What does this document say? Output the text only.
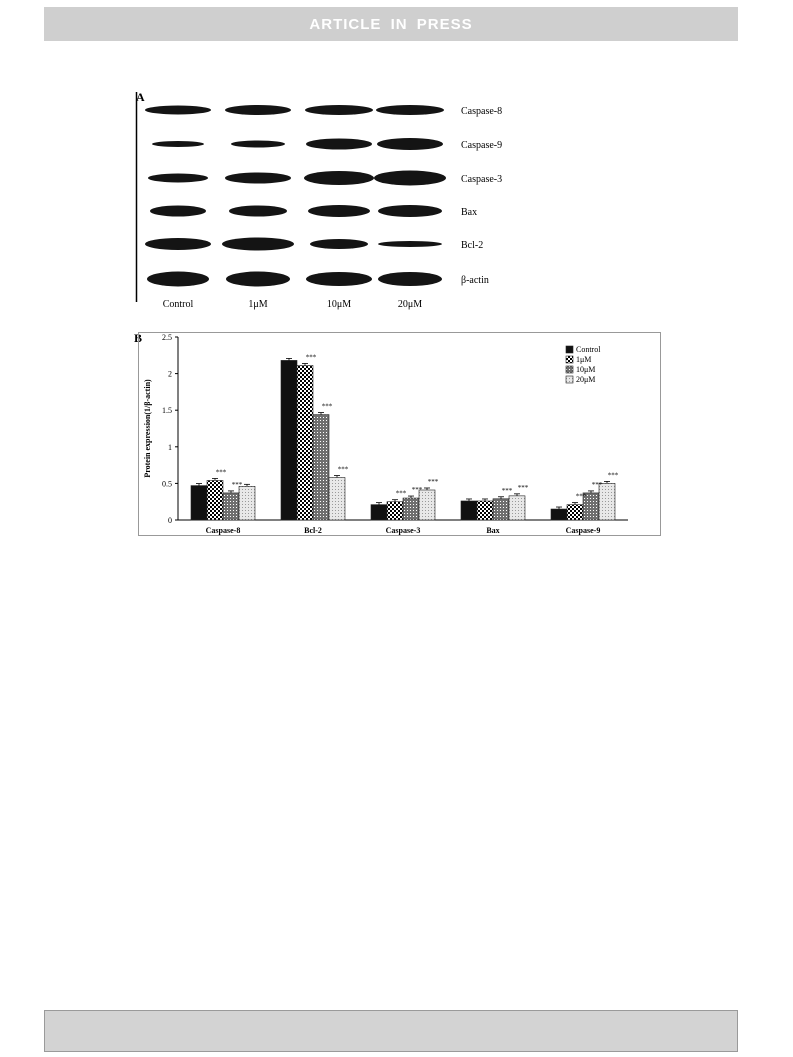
ARTICLE IN PRESS
A
Caspase-8
Caspase-9
Caspase-3
Bax
Bcl-2
β-actin
Control	1μM	10μM	20μM
B
Protein expression(1/β-actin)
0
0.5
1
1.5
2
2.5
***
***
***
***
***
*** ***
***
*** ***
***
***
***
Caspase-8	Bcl-2	Caspase-3	Bax	Caspase-9
Control
1μM
10μM
20μM
